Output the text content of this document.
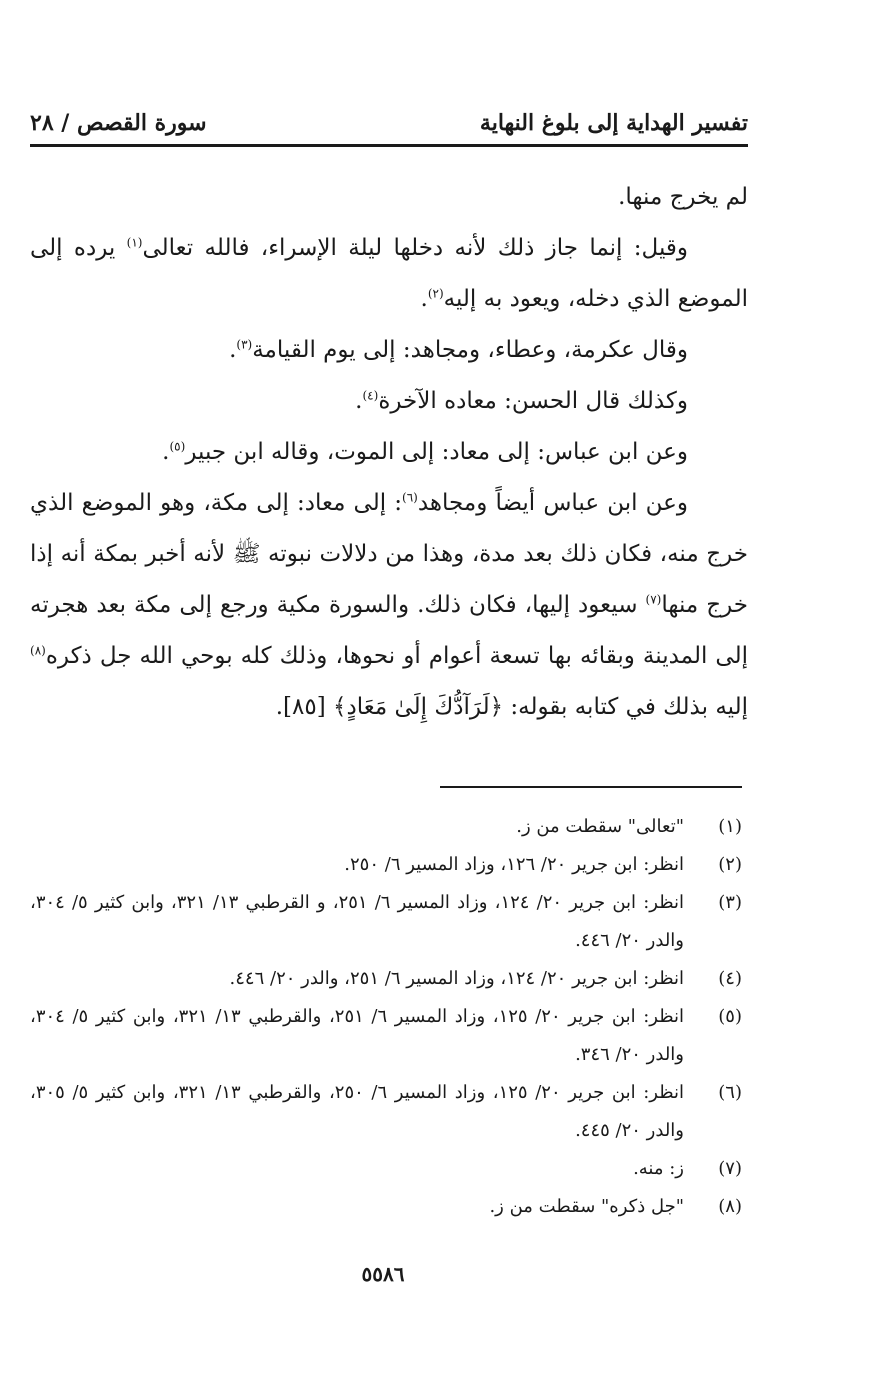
تفسير الهداية إلى بلوغ النهاية
سورة القصص / ٢٨

لم يخرج منها.

وقيل: إنما جاز ذلك لأنه دخلها ليلة الإسراء، فالله تعالى$^{(١)}$ يرده إلى الموضع الذي دخله، ويعود به إليه$^{(٢)}$.

وقال عكرمة، وعطاء، ومجاهد: إلى يوم القيامة$^{(٣)}$.

وكذلك قال الحسن: معاده الآخرة$^{(٤)}$.

وعن ابن عباس: إلى معاد: إلى الموت، وقاله ابن جبير$^{(٥)}$.

وعن ابن عباس أيضاً ومجاهد$^{(٦)}$: إلى معاد: إلى مكة، وهو الموضع الذي خرج منه، فكان ذلك بعد مدة، وهذا من دلالات نبوته ﷺ لأنه أخبر بمكة أنه إذا خرج منها$^{(٧)}$ سيعود إليها، فكان ذلك. والسورة مكية ورجع إلى مكة بعد هجرته إلى المدينة وبقائه بها تسعة أعوام أو نحوها، وذلك كله بوحي الله جل ذكره$^{(٨)}$ إليه بذلك في كتابه بقوله: ﴿لَرَآدُّكَ إِلَىٰ مَعَادٍ﴾ [٨٥].

(١)
"تعالى" سقطت من ز.
(٢)
انظر: ابن جرير ٢٠/ ١٢٦، وزاد المسير ٦/ ٢٥٠.
(٣)
انظر: ابن جرير ٢٠/ ١٢٤، وزاد المسير ٦/ ٢٥١، و القرطبي ١٣/ ٣٢١، وابن كثير ٥/ ٣٠٤، والدر ٢٠/ ٤٤٦.
(٤)
انظر: ابن جرير ٢٠/ ١٢٤، وزاد المسير ٦/ ٢٥١، والدر ٢٠/ ٤٤٦.
(٥)
انظر: ابن جرير ٢٠/ ١٢٥، وزاد المسير ٦/ ٢٥١، والقرطبي ١٣/ ٣٢١، وابن كثير ٥/ ٣٠٤، والدر ٢٠/ ٣٤٦.
(٦)
انظر: ابن جرير ٢٠/ ١٢٥، وزاد المسير ٦/ ٢٥٠، والقرطبي ١٣/ ٣٢١، وابن كثير ٥/ ٣٠٥، والدر ٢٠/ ٤٤٥.
(٧)
ز: منه.
(٨)
"جل ذكره" سقطت من ز.
٥٥٨٦
